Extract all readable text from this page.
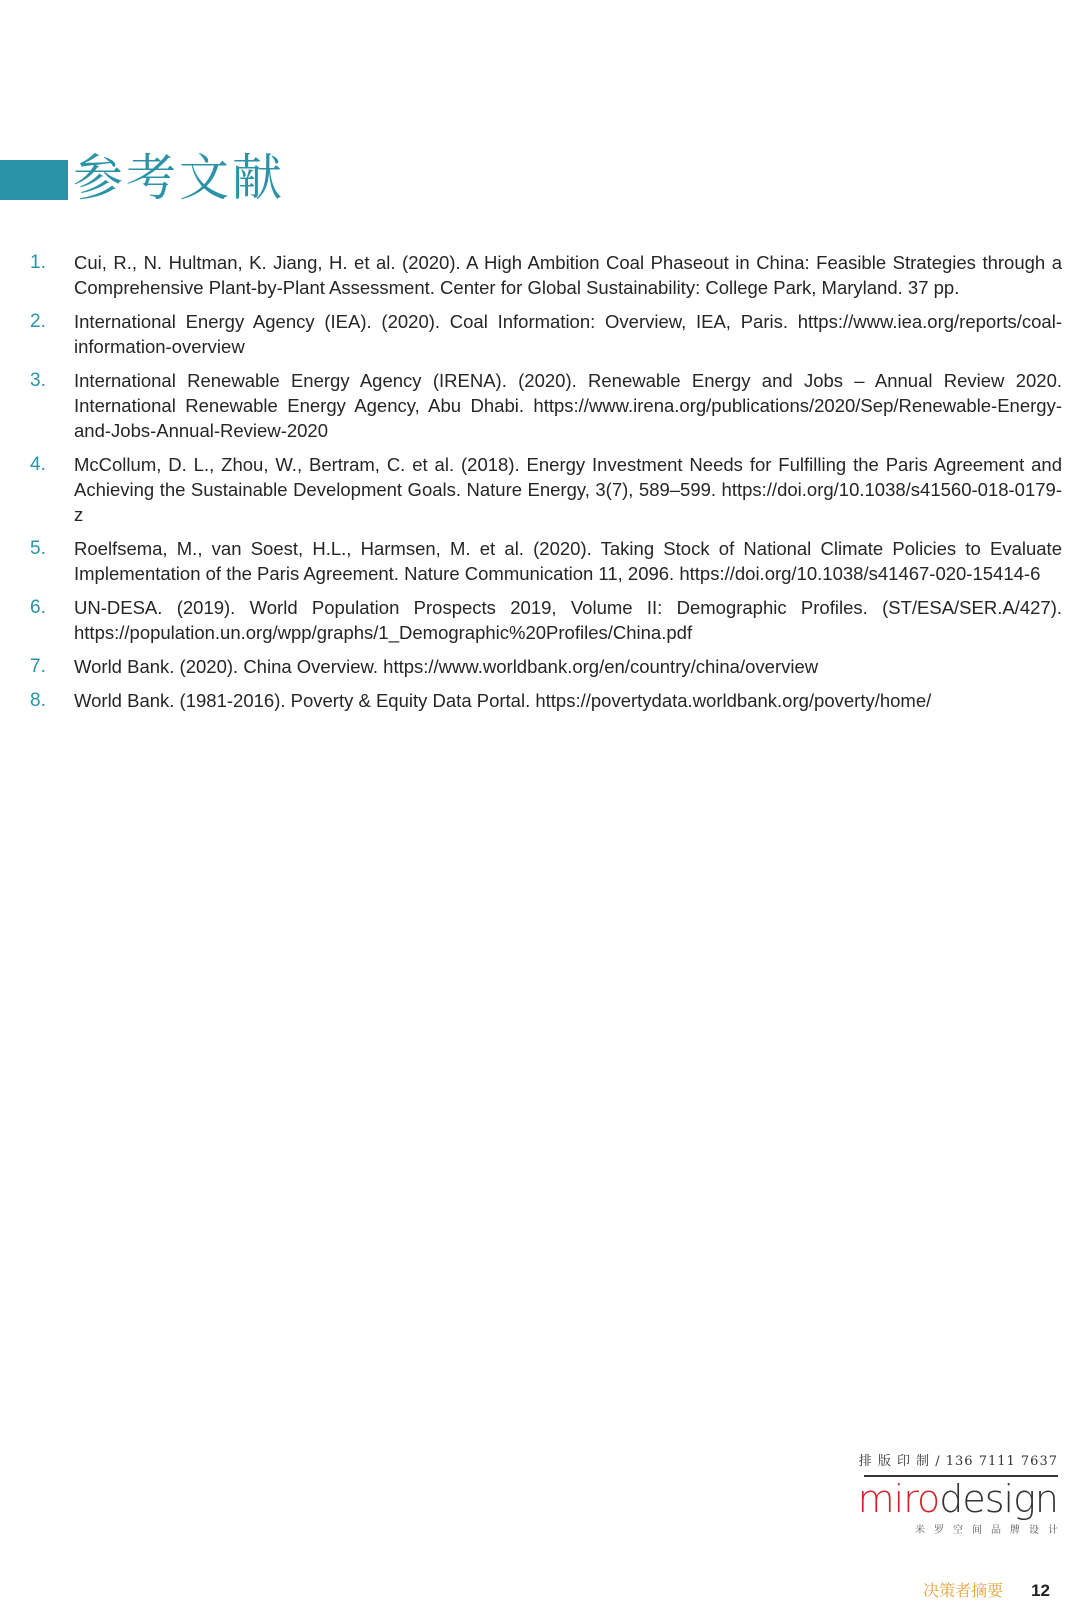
参考文献
1.	Cui, R., N. Hultman, K. Jiang, H. et al. (2020). A High Ambition Coal Phaseout in China: Feasible Strategies through a Comprehensive Plant-by-Plant Assessment. Center for Global Sustainability: College Park, Maryland. 37 pp.
2.	International Energy Agency (IEA). (2020). Coal Information: Overview, IEA, Paris. https://www.iea.org/reports/coal-information-overview
3.	International Renewable Energy Agency (IRENA). (2020). Renewable Energy and Jobs – Annual Review 2020. International Renewable Energy Agency, Abu Dhabi. https://www.irena.org/publications/2020/Sep/Renewable-Energy-and-Jobs-Annual-Review-2020
4.	McCollum, D. L., Zhou, W., Bertram, C. et al. (2018). Energy Investment Needs for Fulfilling the Paris Agreement and Achieving the Sustainable Development Goals. Nature Energy, 3(7), 589–599. https://doi.org/10.1038/s41560-018-0179-z
5.	Roelfsema, M., van Soest, H.L., Harmsen, M. et al. (2020). Taking Stock of National Climate Policies to Evaluate Implementation of the Paris Agreement. Nature Communication 11, 2096. https://doi.org/10.1038/s41467-020-15414-6
6.	UN-DESA. (2019). World Population Prospects 2019, Volume II: Demographic Profiles. (ST/ESA/SER.A/427). https://population.un.org/wpp/graphs/1_Demographic%20Profiles/China.pdf
7.	World Bank. (2020). China Overview. https://www.worldbank.org/en/country/china/overview
8.	World Bank. (1981-2016). Poverty & Equity Data Portal. https://povertydata.worldbank.org/poverty/home/
排 版 印 制 / 136 7111 7637
mirodesign
米罗空间品牌设计
决策者摘要 12
